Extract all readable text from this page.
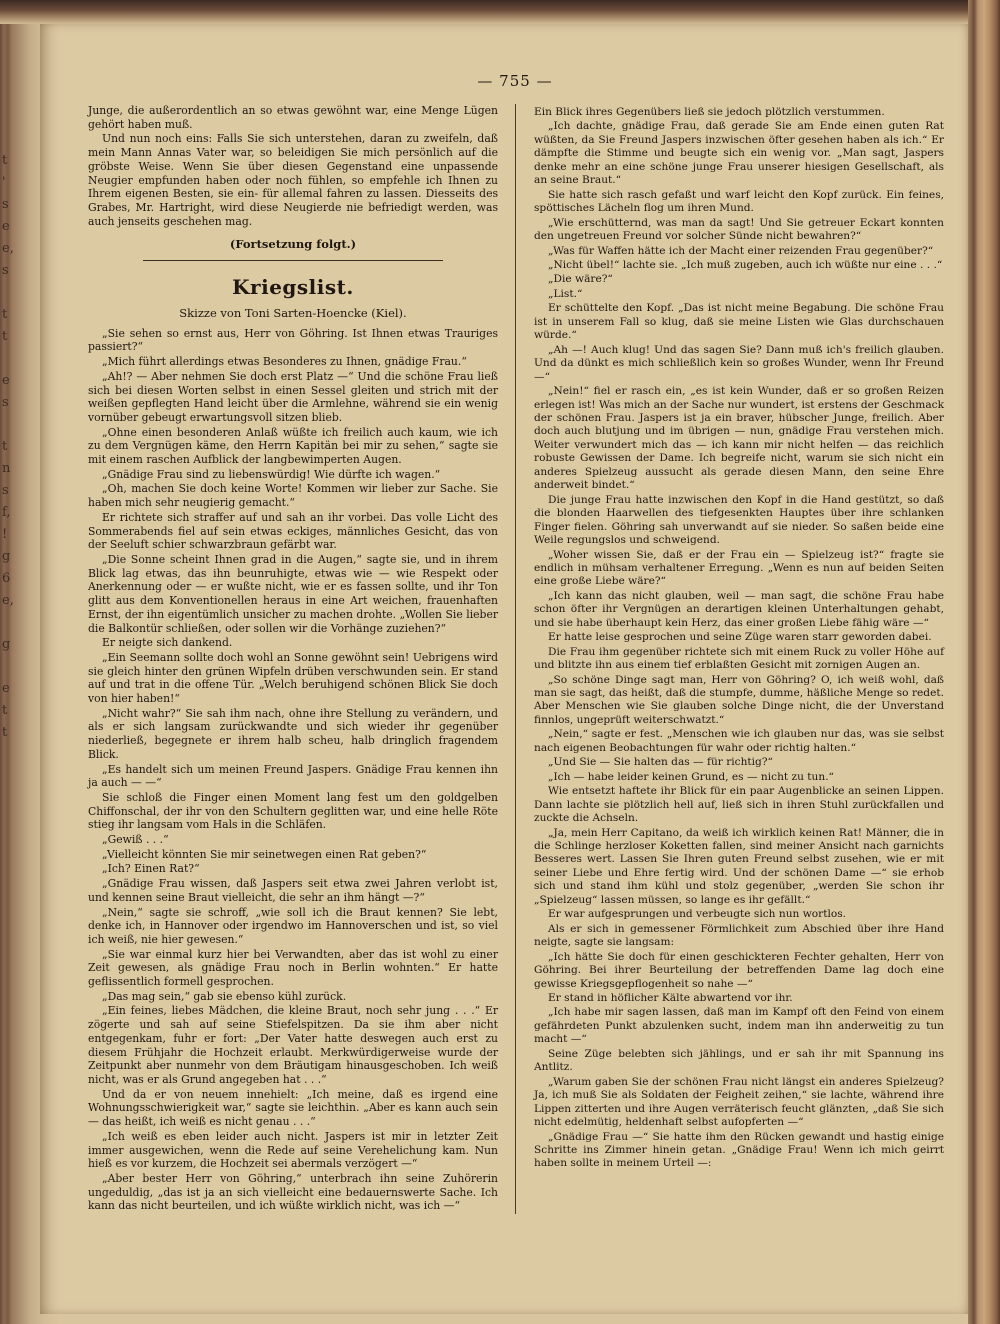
t
'
s
e
e,
s
t
t
e
s
t
n
s
f,
!
g
6
e,
g
e
t
t
— 755 —

Junge, die außerordentlich an so etwas gewöhnt war, eine Menge Lügen gehört haben muß.

Und nun noch eins: Falls Sie sich unterstehen, daran zu zweifeln, daß mein Mann Annas Vater war, so beleidigen Sie mich persönlich auf die gröbste Weise. Wenn Sie über diesen Gegenstand eine unpassende Neugier empfunden haben oder noch fühlen, so empfehle ich Ihnen zu Ihrem eigenen Besten, sie ein- für allemal fahren zu lassen. Diesseits des Grabes, Mr. Hartright, wird diese Neugierde nie befriedigt werden, was auch jenseits geschehen mag.

(Fortsetzung folgt.)
Kriegslist.
Skizze von Toni Sarten-Hoencke (Kiel).

„Sie sehen so ernst aus, Herr von Göhring. Ist Ihnen etwas Trauriges passiert?“

„Mich führt allerdings etwas Besonderes zu Ihnen, gnädige Frau.“

„Ah!? — Aber nehmen Sie doch erst Platz —“ Und die schöne Frau ließ sich bei diesen Worten selbst in einen Sessel gleiten und strich mit der weißen gepflegten Hand leicht über die Armlehne, während sie ein wenig vornüber gebeugt erwartungsvoll sitzen blieb.

„Ohne einen besonderen Anlaß wüßte ich freilich auch kaum, wie ich zu dem Vergnügen käme, den Herrn Kapitän bei mir zu sehen,“ sagte sie mit einem raschen Aufblick der langbewimperten Augen.

„Gnädige Frau sind zu liebenswürdig! Wie dürfte ich wagen.“

„Oh, machen Sie doch keine Worte! Kommen wir lieber zur Sache. Sie haben mich sehr neugierig gemacht.“

Er richtete sich straffer auf und sah an ihr vorbei. Das volle Licht des Sommerabends fiel auf sein etwas eckiges, männliches Gesicht, das von der Seeluft schier schwarzbraun gefärbt war.

„Die Sonne scheint Ihnen grad in die Augen,“ sagte sie, und in ihrem Blick lag etwas, das ihn beunruhigte, etwas wie — wie Respekt oder Anerkennung oder — er wußte nicht, wie er es fassen sollte, und ihr Ton glitt aus dem Konventionellen heraus in eine Art weichen, frauenhaften Ernst, der ihn eigentümlich unsicher zu machen drohte. „Wollen Sie lieber die Balkontür schließen, oder sollen wir die Vorhänge zuziehen?“

Er neigte sich dankend.

„Ein Seemann sollte doch wohl an Sonne gewöhnt sein! Uebrigens wird sie gleich hinter den grünen Wipfeln drüben verschwunden sein. Er stand auf und trat in die offene Tür. „Welch beruhigend schönen Blick Sie doch von hier haben!“

„Nicht wahr?“ Sie sah ihm nach, ohne ihre Stellung zu verändern, und als er sich langsam zurückwandte und sich wieder ihr gegenüber niederließ, begegnete er ihrem halb scheu, halb dringlich fragendem Blick.

„Es handelt sich um meinen Freund Jaspers. Gnädige Frau kennen ihn ja auch — —“

Sie schloß die Finger einen Moment lang fest um den goldgelben Chiffonschal, der ihr von den Schultern geglitten war, und eine helle Röte stieg ihr langsam vom Hals in die Schläfen.

„Gewiß . . .“

„Vielleicht könnten Sie mir seinetwegen einen Rat geben?“

„Ich? Einen Rat?“

„Gnädige Frau wissen, daß Jaspers seit etwa zwei Jahren verlobt ist, und kennen seine Braut vielleicht, die sehr an ihm hängt —?“

„Nein,“ sagte sie schroff, „wie soll ich die Braut kennen? Sie lebt, denke ich, in Hannover oder irgendwo im Hannoverschen und ist, so viel ich weiß, nie hier gewesen.“

„Sie war einmal kurz hier bei Verwandten, aber das ist wohl zu einer Zeit gewesen, als gnädige Frau noch in Berlin wohnten.“ Er hatte geflissentlich formell gesprochen.

„Das mag sein,“ gab sie ebenso kühl zurück.

„Ein feines, liebes Mädchen, die kleine Braut, noch sehr jung . . .“ Er zögerte und sah auf seine Stiefelspitzen. Da sie ihm aber nicht entgegenkam, fuhr er fort: „Der Vater hatte deswegen auch erst zu diesem Frühjahr die Hochzeit erlaubt. Merkwürdigerweise wurde der Zeitpunkt aber nunmehr von dem Bräutigam hinausgeschoben. Ich weiß nicht, was er als Grund angegeben hat . . .“

Und da er von neuem innehielt: „Ich meine, daß es irgend eine Wohnungsschwierigkeit war,“ sagte sie leichthin. „Aber es kann auch sein — das heißt, ich weiß es nicht genau . . .“

„Ich weiß es eben leider auch nicht. Jaspers ist mir in letzter Zeit immer ausgewichen, wenn die Rede auf seine Verehelichung kam. Nun hieß es vor kurzem, die Hochzeit sei abermals verzögert —“

„Aber bester Herr von Göhring,“ unterbrach ihn seine Zuhörerin ungeduldig, „das ist ja an sich vielleicht eine bedauernswerte Sache. Ich kann das nicht beurteilen, und ich wüßte wirklich nicht, was ich —“

Ein Blick ihres Gegenübers ließ sie jedoch plötzlich verstummen.

„Ich dachte, gnädige Frau, daß gerade Sie am Ende einen guten Rat wüßten, da Sie Freund Jaspers inzwischen öfter gesehen haben als ich.“ Er dämpfte die Stimme und beugte sich ein wenig vor. „Man sagt, Jaspers denke mehr an eine schöne junge Frau unserer hiesigen Gesellschaft, als an seine Braut.“

Sie hatte sich rasch gefaßt und warf leicht den Kopf zurück. Ein feines, spöttisches Lächeln flog um ihren Mund.

„Wie erschütternd, was man da sagt! Und Sie getreuer Eckart konnten den ungetreuen Freund vor solcher Sünde nicht bewahren?“

„Was für Waffen hätte ich der Macht einer reizenden Frau gegenüber?“

„Nicht übel!“ lachte sie. „Ich muß zugeben, auch ich wüßte nur eine . . .“

„Die wäre?“

„List.“

Er schüttelte den Kopf. „Das ist nicht meine Begabung. Die schöne Frau ist in unserem Fall so klug, daß sie meine Listen wie Glas durchschauen würde.“

„Ah —! Auch klug! Und das sagen Sie? Dann muß ich's freilich glauben. Und da dünkt es mich schließlich kein so großes Wunder, wenn Ihr Freund —“

„Nein!“ fiel er rasch ein, „es ist kein Wunder, daß er so großen Reizen erlegen ist! Was mich an der Sache nur wundert, ist erstens der Geschmack der schönen Frau. Jaspers ist ja ein braver, hübscher Junge, freilich. Aber doch auch blutjung und im übrigen — nun, gnädige Frau verstehen mich. Weiter verwundert mich das — ich kann mir nicht helfen — das reichlich robuste Gewissen der Dame. Ich begreife nicht, warum sie sich nicht ein anderes Spielzeug aussucht als gerade diesen Mann, den seine Ehre anderweit bindet.“

Die junge Frau hatte inzwischen den Kopf in die Hand gestützt, so daß die blonden Haarwellen des tiefgesenkten Hauptes über ihre schlanken Finger fielen. Göhring sah unverwandt auf sie nieder. So saßen beide eine Weile regungslos und schweigend.

„Woher wissen Sie, daß er der Frau ein — Spielzeug ist?“ fragte sie endlich in mühsam verhaltener Erregung. „Wenn es nun auf beiden Seiten eine große Liebe wäre?“

„Ich kann das nicht glauben, weil — man sagt, die schöne Frau habe schon öfter ihr Vergnügen an derartigen kleinen Unterhaltungen gehabt, und sie habe überhaupt kein Herz, das einer großen Liebe fähig wäre —“

Er hatte leise gesprochen und seine Züge waren starr geworden dabei.

Die Frau ihm gegenüber richtete sich mit einem Ruck zu voller Höhe auf und blitzte ihn aus einem tief erblaßten Gesicht mit zornigen Augen an.

„So schöne Dinge sagt man, Herr von Göhring? O, ich weiß wohl, daß man sie sagt, das heißt, daß die stumpfe, dumme, häßliche Menge so redet. Aber Menschen wie Sie glauben solche Dinge nicht, die der Unverstand finnlos, ungeprüft weiterschwatzt.“

„Nein,“ sagte er fest. „Menschen wie ich glauben nur das, was sie selbst nach eigenen Beobachtungen für wahr oder richtig halten.“

„Und Sie — Sie halten das — für richtig?“

„Ich — habe leider keinen Grund, es — nicht zu tun.“

Wie entsetzt haftete ihr Blick für ein paar Augenblicke an seinen Lippen. Dann lachte sie plötzlich hell auf, ließ sich in ihren Stuhl zurückfallen und zuckte die Achseln.

„Ja, mein Herr Capitano, da weiß ich wirklich keinen Rat! Männer, die in die Schlinge herzloser Koketten fallen, sind meiner Ansicht nach garnichts Besseres wert. Lassen Sie Ihren guten Freund selbst zusehen, wie er mit seiner Liebe und Ehre fertig wird. Und der schönen Dame —“ sie erhob sich und stand ihm kühl und stolz gegenüber, „werden Sie schon ihr „Spielzeug“ lassen müssen, so lange es ihr gefällt.“

Er war aufgesprungen und verbeugte sich nun wortlos.

Als er sich in gemessener Förmlichkeit zum Abschied über ihre Hand neigte, sagte sie langsam:

„Ich hätte Sie doch für einen geschickteren Fechter gehalten, Herr von Göhring. Bei ihrer Beurteilung der betreffenden Dame lag doch eine gewisse Kriegsgepflogenheit so nahe —“

Er stand in höflicher Kälte abwartend vor ihr.

„Ich habe mir sagen lassen, daß man im Kampf oft den Feind von einem gefährdeten Punkt abzulenken sucht, indem man ihn anderweitig zu tun macht —“

Seine Züge belebten sich jählings, und er sah ihr mit Spannung ins Antlitz.

„Warum gaben Sie der schönen Frau nicht längst ein anderes Spielzeug? Ja, ich muß Sie als Soldaten der Feigheit zeihen,“ sie lachte, während ihre Lippen zitterten und ihre Augen verräterisch feucht glänzten, „daß Sie sich nicht edelmütig, heldenhaft selbst aufopferten —“

„Gnädige Frau —“ Sie hatte ihm den Rücken gewandt und hastig einige Schritte ins Zimmer hinein getan. „Gnädige Frau! Wenn ich mich geirrt haben sollte in meinem Urteil —:
